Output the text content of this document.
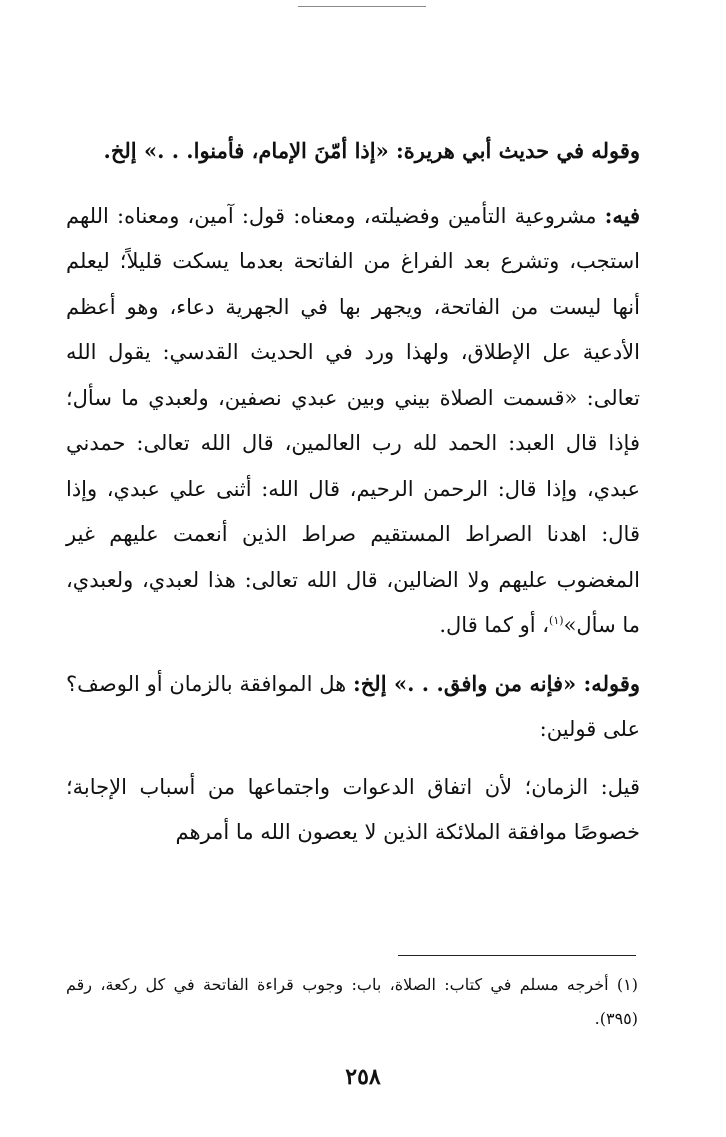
وقوله في حديث أبي هريرة: «إذا أمّنَ الإمام، فأمنوا. . .» إلخ.

فيه: مشروعية التأمين وفضيلته، ومعناه: قول: آمين، ومعناه: اللهم استجب، وتشرع بعد الفراغ من الفاتحة بعدما يسكت قليلاً؛ ليعلم أنها ليست من الفاتحة، ويجهر بها في الجهرية دعاء، وهو أعظم الأدعية عل الإطلاق، ولهذا ورد في الحديث القدسي: يقول الله تعالى: «قسمت الصلاة بيني وبين عبدي نصفين، ولعبدي ما سأل؛ فإذا قال العبد: الحمد لله رب العالمين، قال الله تعالى: حمدني عبدي، وإذا قال: الرحمن الرحيم، قال الله: أثنى علي عبدي، وإذا قال: اهدنا الصراط المستقيم صراط الذين أنعمت عليهم غير المغضوب عليهم ولا الضالين، قال الله تعالى: هذا لعبدي، ولعبدي، ما سأل»$^{(١)}$، أو كما قال.

وقوله: «فإنه من وافق. . .» إلخ: هل الموافقة بالزمان أو الوصف؟ على قولين:

قيل: الزمان؛ لأن اتفاق الدعوات واجتماعها من أسباب الإجابة؛ خصوصًا موافقة الملائكة الذين لا يعصون الله ما أمرهم

(١) أخرجه مسلم في كتاب: الصلاة، باب: وجوب قراءة الفاتحة في كل ركعة، رقم (٣٩٥).
٢٥٨
